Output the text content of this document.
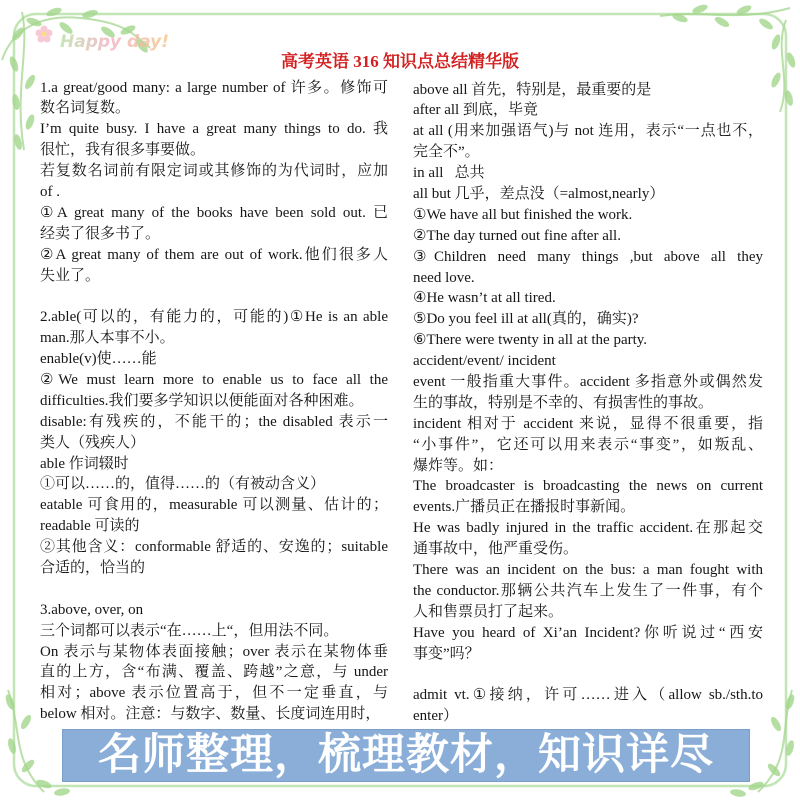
Happy day!
高考英语 316 知识点总结精华版
1.a great/good many: a large number of 许多。修饰可
数名词复数。
I’m quite busy. I have a great many things to do. 我
很忙，我有很多事要做。
若复数名词前有限定词或其修饰的为代词时，应加
of .
①A great many of the books have been sold out. 已
经卖了很多书了。
②A great many of them are out of work.他们很多人
失业了。
2.able(可以的，有能力的，可能的)①He is an able
man.那人本事不小。
enable(v)使……能
②We must learn more to enable us to face all the
difficulties.我们要多学知识以便能面对各种困难。
disable:有残疾的，不能干的；the disabled 表示一
类人（残疾人）
able 作词辍时
①可以……的，值得……的（有被动含义）
eatable 可食用的，measurable 可以测量、估计的；
readable 可读的
②其他含义：conformable 舒适的、安逸的；suitable
合适的，恰当的
3.above, over, on
三个词都可以表示“在……上“，但用法不同。
On 表示与某物体表面接触；over 表示在某物体垂
直的上方，含“布满、覆盖、跨越”之意，与 under
相对；above 表示位置高于，但不一定垂直，与
below 相对。注意：与数字、数量、长度词连用时，
above all 首先，特别是，最重要的是
after all 到底，毕竟
at all (用来加强语气)与 not 连用，表示“一点也不，
完全不”。
in all   总共
all but 几乎，差点没（=almost,nearly）
①We have all but finished the work.
②The day turned out fine after all.
③Children need many things ,but above all they
need love.
④He wasn’t at all tired.
⑤Do you feel ill at all(真的，确实)?
⑥There were twenty in all at the party.
accident/event/ incident
event 一般指重大事件。accident 多指意外或偶然发
生的事故，特别是不幸的、有损害性的事故。
incident 相对于 accident 来说，显得不很重要，指
“小事件”，它还可以用来表示“事变”，如叛乱、
爆炸等。如：
The broadcaster is broadcasting the news on current
events.广播员正在播报时事新闻。
He was badly injured in the traffic accident.在那起交
通事故中，他严重受伤。
There was an incident on the bus: a man fought with
the conductor.那辆公共汽车上发生了一件事，有个
人和售票员打了起来。
Have you heard of Xi’an Incident?你听说过“西安
事变”吗？
admit vt.①接纳，许可……进入（allow sb./sth.to
enter）
名师整理，梳理教材，知识详尽
